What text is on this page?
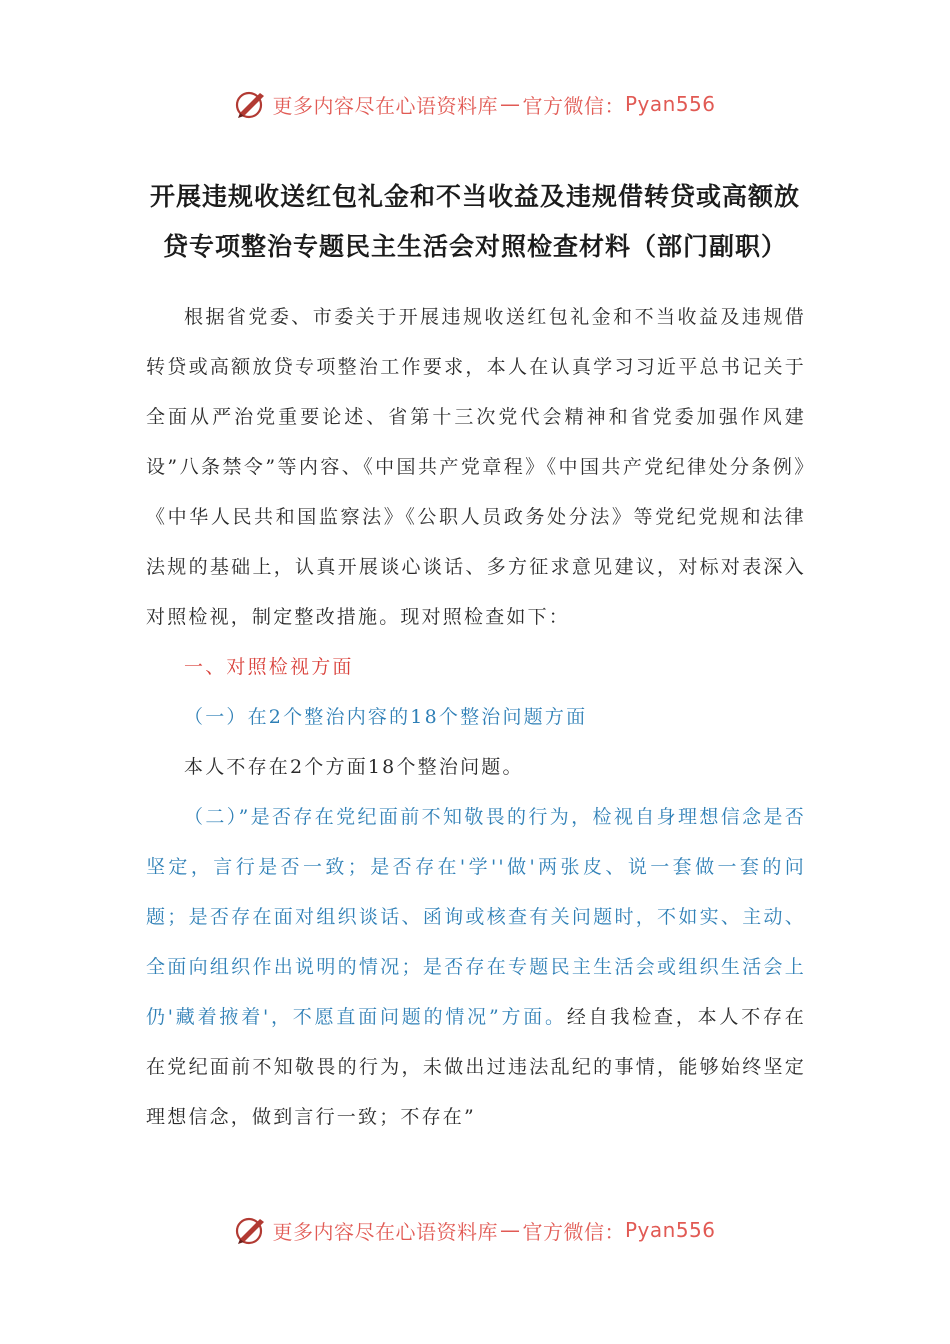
更多内容尽在心语资料库 — 官方微信： Pyan556
开展违规收送红包礼金和不当收益及违规借转贷或高额放
贷专项整治专题民主生活会对照检查材料（部门副职）

根据省党委、市委关于开展违规收送红包礼金和不当收益及违规借转贷或高额放贷专项整治工作要求，本人在认真学习习近平总书记关于全面从严治党重要论述、省第十三次党代会精神和省党委加强作风建设”八条禁令”等内容、《中国共产党章程》《中国共产党纪律处分条例》《中华人民共和国监察法》《公职人员政务处分法》等党纪党规和法律法规的基础上，认真开展谈心谈话、多方征求意见建议，对标对表深入对照检视，制定整改措施。现对照检查如下：

一、对照检视方面

（一）在2个整治内容的18个整治问题方面

本人不存在2个方面18个整治问题。

（二）”是否存在党纪面前不知敬畏的行为，检视自身理想信念是否坚定，言行是否一致；是否存在'学''做'两张皮、说一套做一套的问题；是否存在面对组织谈话、函询或核查有关问题时，不如实、主动、全面向组织作出说明的情况；是否存在专题民主生活会或组织生活会上仍'藏着掖着'，不愿直面问题的情况”方面。经自我检查，本人不存在在党纪面前不知敬畏的行为，未做出过违法乱纪的事情，能够始终坚定理想信念，做到言行一致；不存在”

更多内容尽在心语资料库 — 官方微信： Pyan556
